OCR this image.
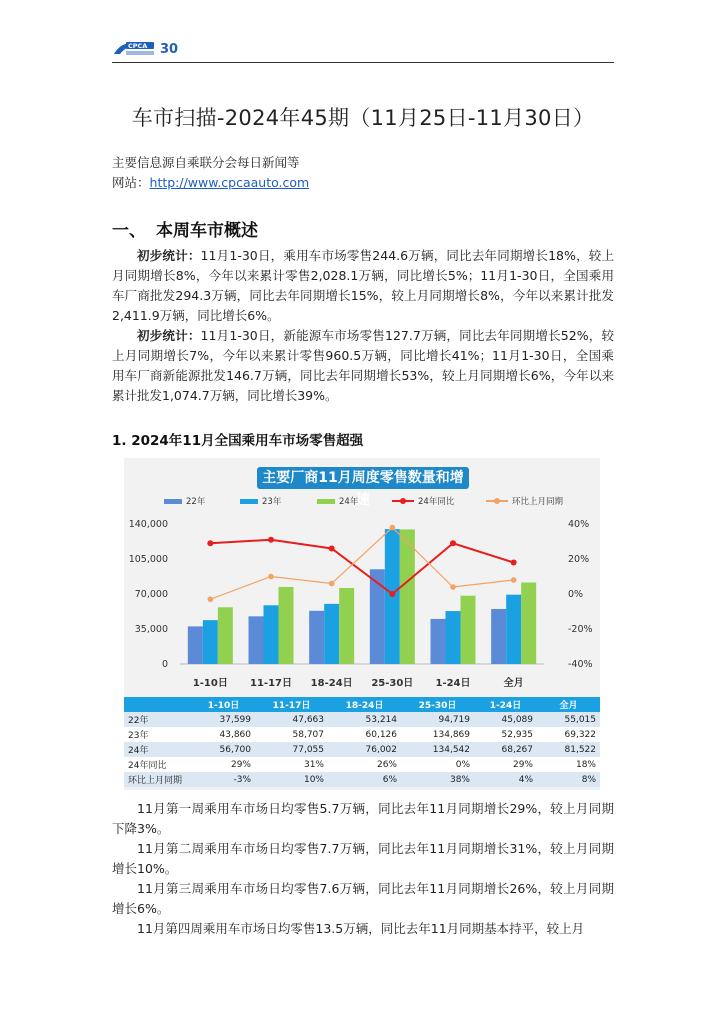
CPCA 30
车市扫描-2024年45期（11月25日-11月30日）
主要信息源自乘联分会每日新闻等
网站：http://www.cpcaauto.com
一、 本周车市概述
初步统计：11月1-30日，乘用车市场零售244.6万辆，同比去年同期增长18%，较上月同期增长8%，今年以来累计零售2,028.1万辆，同比增长5%；11月1-30日，全国乘用车厂商批发294.3万辆，同比去年同期增长15%，较上月同期增长8%，今年以来累计批发2,411.9万辆，同比增长6%。
初步统计：11月1-30日，新能源车市场零售127.7万辆，同比去年同期增长52%，较上月同期增长7%，今年以来累计零售960.5万辆，同比增长41%；11月1-30日，全国乘用车厂商新能源批发146.7万辆，同比去年同期增长53%，较上月同期增长6%，今年以来累计批发1,074.7万辆，同比增长39%。
1. 2024年11月全国乘用车市场零售超强
主要厂商11月周度零售数量和增速
22年	23年	24年	24年同比	环比上月同期
0
35,000
70,000
105,000
140,000
-40%
-20%
0%
20%
40%
1-10日 11-17日 18-24日 25-30日 1-24日	全月
	1-10日	11-17日	18-24日	25-30日	1-24日	全月
22年	37,599	47,663	53,214	94,719	45,089	55,015
23年	43,860	58,707	60,126	134,869	52,935	69,322
24年	56,700	77,055	76,002	134,542	68,267	81,522
24年同比	29%	31%	26%	0%	29%	18%
环比上月同期	-3%	10%	6%	38%	4%	8%
11月第一周乘用车市场日均零售5.7万辆，同比去年11月同期增长29%，较上月同期下降3%。
11月第二周乘用车市场日均零售7.7万辆，同比去年11月同期增长31%，较上月同期增长10%。
11月第三周乘用车市场日均零售7.6万辆，同比去年11月同期增长26%，较上月同期增长6%。
11月第四周乘用车市场日均零售13.5万辆，同比去年11月同期基本持平，较上月
